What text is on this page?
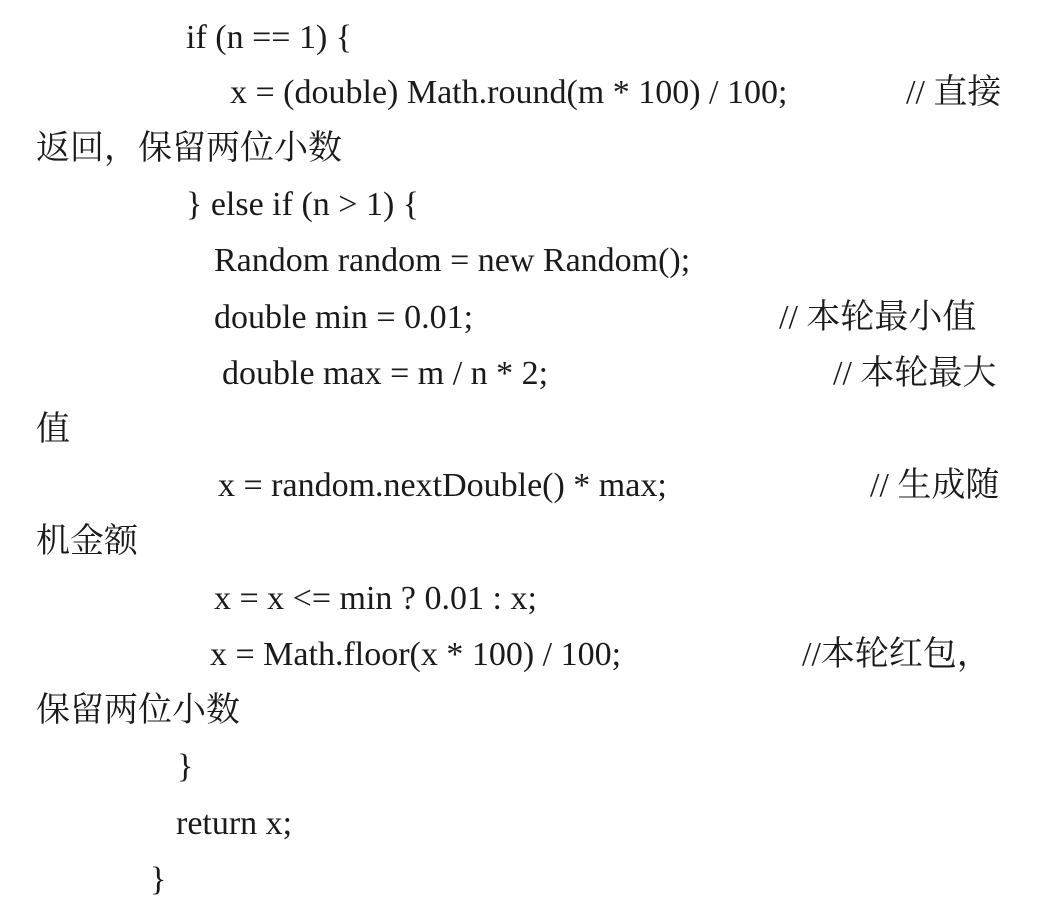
if (n == 1) {
x = (double) Math.round(m * 100) / 100;	// 直接
返回，保留两位小数
} else if (n > 1) {
Random random = new Random();
double min = 0.01;	// 本轮最小值
double max = m / n * 2;	// 本轮最大
值
x = random.nextDouble() * max;	// 生成随
机金额
x = x <= min ? 0.01 : x;
x = Math.floor(x * 100) / 100;	//本轮红包，
保留两位小数
}
return x;
}
